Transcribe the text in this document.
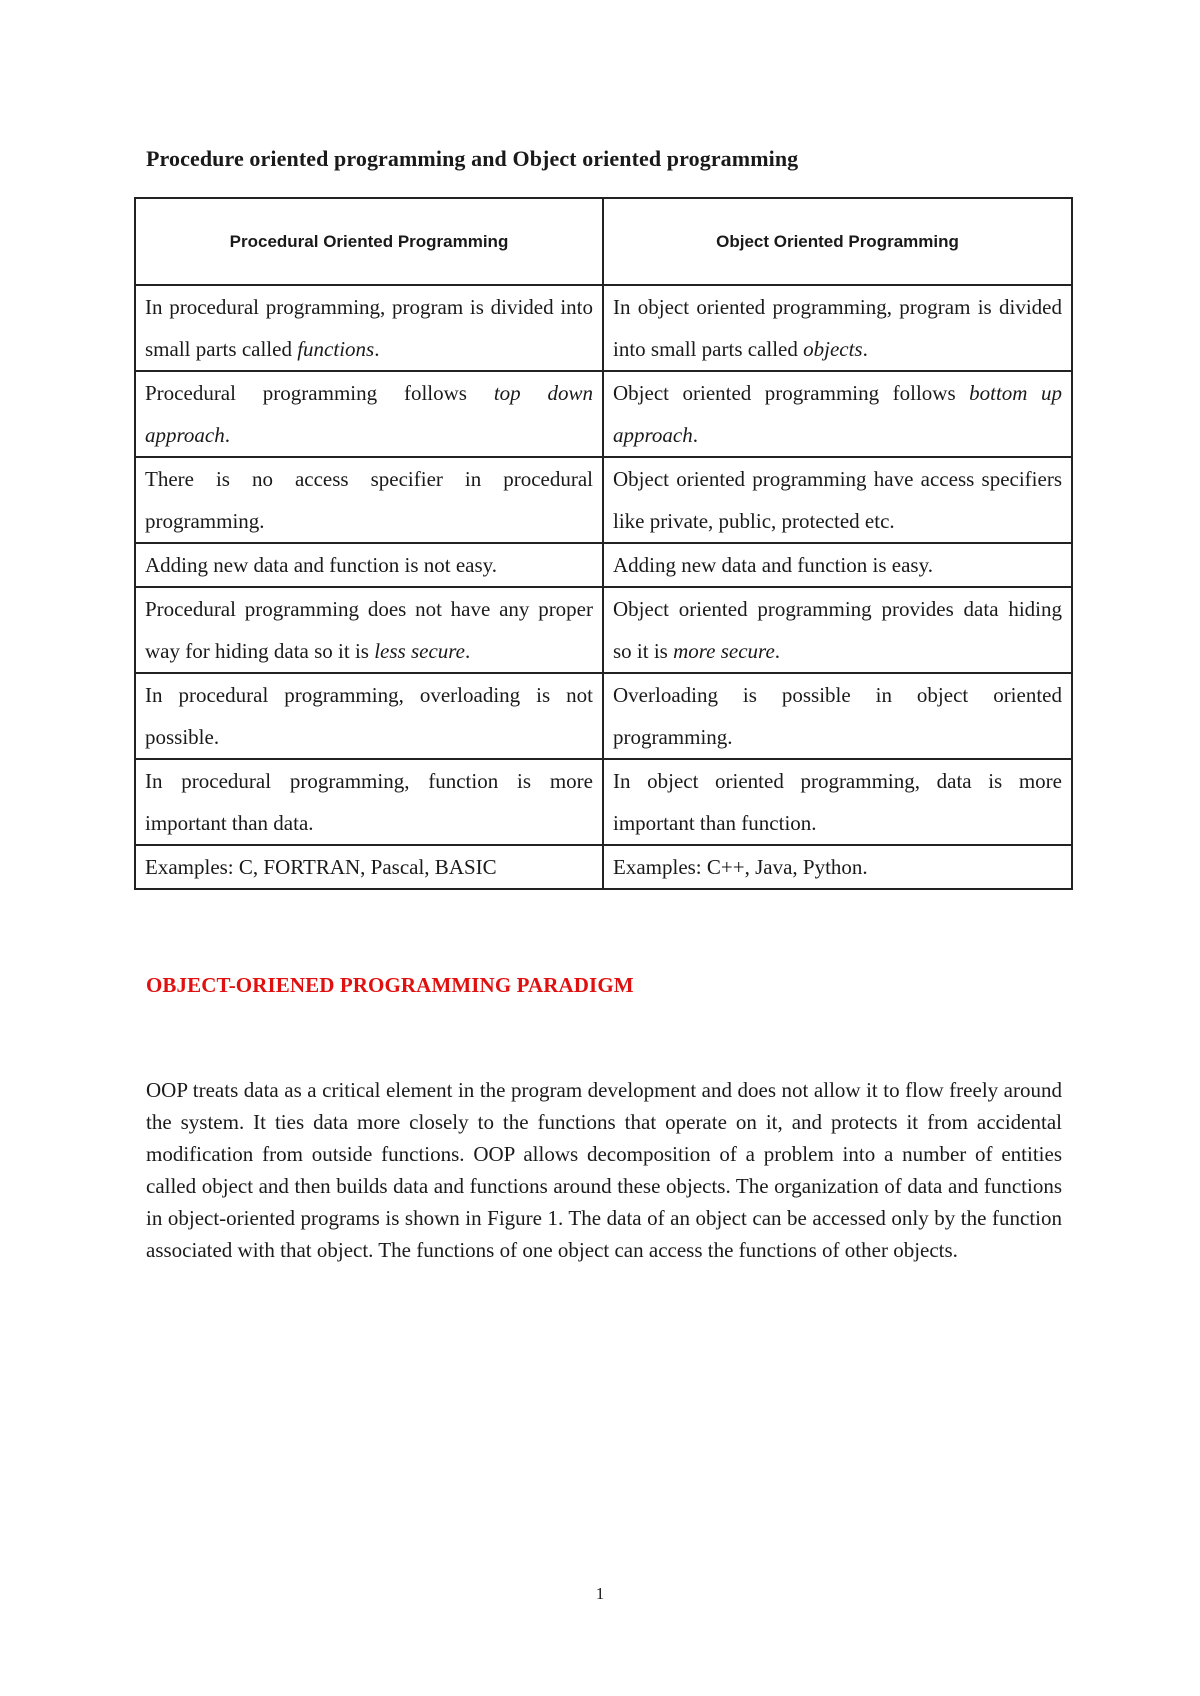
Procedure oriented programming and Object oriented programming
Procedural Oriented Programming	Object Oriented Programming
In procedural programming, program is divided into small parts called functions.	In object oriented programming, program is divided into small parts called objects.
Procedural programming follows top down approach.	Object oriented programming follows bottom up approach.
There is no access specifier in procedural programming.	Object oriented programming have access specifiers like private, public, protected etc.
Adding new data and function is not easy.	Adding new data and function is easy.
Procedural programming does not have any proper way for hiding data so it is less secure.	Object oriented programming provides data hiding so it is more secure.
In procedural programming, overloading is not possible.	Overloading is possible in object oriented programming.
In procedural programming, function is more important than data.	In object oriented programming, data is more important than function.
Examples: C, FORTRAN, Pascal, BASIC	Examples: C++, Java, Python.
OBJECT-ORIENED PROGRAMMING PARADIGM
OOP treats data as a critical element in the program development and does not allow it to flow freely around the system. It ties data more closely to the functions that operate on it, and protects it from accidental modification from outside functions. OOP allows decomposition of a problem into a number of entities called object and then builds data and functions around these objects. The organization of data and functions in object-oriented programs is shown in Figure 1. The data of an object can be accessed only by the function associated with that object. The functions of one object can access the functions of other objects.
1
